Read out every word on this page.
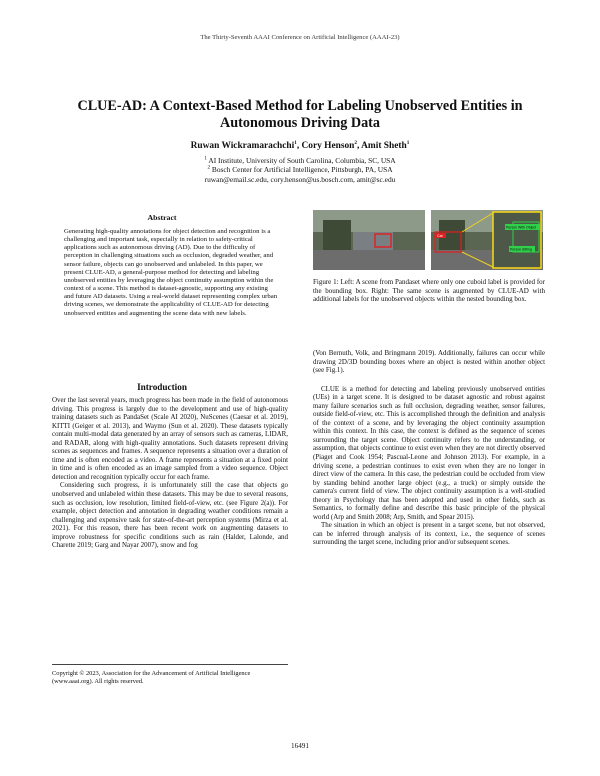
The Thirty-Seventh AAAI Conference on Artificial Intelligence (AAAI-23)
CLUE-AD: A Context-Based Method for Labeling Unobserved Entities in Autonomous Driving Data
Ruwan Wickramarachchi$^1$, Cory Henson$^2$, Amit Sheth$^1$
$^1$ AI Institute, University of South Carolina, Columbia, SC, USA
$^2$ Bosch Center for Artificial Intelligence, Pittsburgh, PA, USA
ruwan@email.sc.edu, cory.henson@us.bosch.com, amit@sc.edu
Abstract
Generating high-quality annotations for object detection and recognition is a challenging and important task, especially in relation to safety-critical applications such as autonomous driving (AD). Due to the difficulty of perception in challenging situations such as occlusion, degraded weather, and sensor failure, objects can go unobserved and unlabeled. In this paper, we present CLUE-AD, a general-purpose method for detecting and labeling unobserved entities by leveraging the object continuity assumption within the context of a scene. This method is dataset-agnostic, supporting any existing and future AD datasets. Using a real-world dataset representing complex urban driving scenes, we demonstrate the applicability of CLUE-AD for detecting unobserved entities and augmenting the scene data with new labels.
Introduction

Over the last several years, much progress has been made in the field of autonomous driving. This progress is largely due to the development and use of high-quality training datasets such as PandaSet (Scale AI 2020), NuScenes (Caesar et al. 2019), KITTI (Geiger et al. 2013), and Waymo (Sun et al. 2020). These datasets typically contain multi-modal data generated by an array of sensors such as cameras, LIDAR, and RADAR, along with high-quality annotations. Such datasets represent driving scenes as sequences and frames. A sequence represents a situation over a duration of time and is often encoded as a video. A frame represents a situation at a fixed point in time and is often encoded as an image sampled from a video sequence. Object detection and recognition typically occur for each frame.

Considering such progress, it is unfortunately still the case that objects go unobserved and unlabeled within these datasets. This may be due to several reasons, such as occlusion, low resolution, limited field-of-view, etc. (see Figure 2(a)). For example, object detection and annotation in degrading weather conditions remain a challenging and expensive task for state-of-the-art perception systems (Mirza et al. 2021). For this reason, there has been recent work on augmenting datasets to improve robustness for specific conditions such as rain (Halder, Lalonde, and Charette 2019; Garg and Nayar 2007), snow and fog

Copyright © 2023, Association for the Advancement of Artificial Intelligence (www.aaai.org). All rights reserved.
Car
Person With Object
Person Sitting
Figure 1: Left: A scene from Pandaset where only one cuboid label is provided for the bounding box. Right: The same scene is augmented by CLUE-AD with additional labels for the unobserved objects within the nested bounding box.

(Von Bernuth, Volk, and Bringmann 2019). Additionally, failures can occur while drawing 2D/3D bounding boxes where an object is nested within another object (see Fig.1).

CLUE is a method for detecting and labeling previously unobserved entities (UEs) in a target scene. It is designed to be dataset agnostic and robust against many failure scenarios such as full occlusion, degrading weather, sensor failures, outside field-of-view, etc. This is accomplished through the definition and analysis of the context of a scene, and by leveraging the object continuity assumption within this context. In this case, the context is defined as the sequence of scenes surrounding the target scene. Object continuity refers to the understanding, or assumption, that objects continue to exist even when they are not directly observed (Piaget and Cook 1954; Pascual-Leone and Johnson 2013). For example, in a driving scene, a pedestrian continues to exist even when they are no longer in direct view of the camera. In this case, the pedestrian could be occluded from view by standing behind another large object (e.g., a truck) or simply outside the camera's current field of view. The object continuity assumption is a well-studied theory in Psychology that has been adopted and used in other fields, such as Semantics, to formally define and describe this basic principle of the physical world (Arp and Smith 2008; Arp, Smith, and Spear 2015).

The situation in which an object is present in a target scene, but not observed, can be inferred through analysis of its context, i.e., the sequence of scenes surrounding the target scene, including prior and/or subsequent scenes.

16491
